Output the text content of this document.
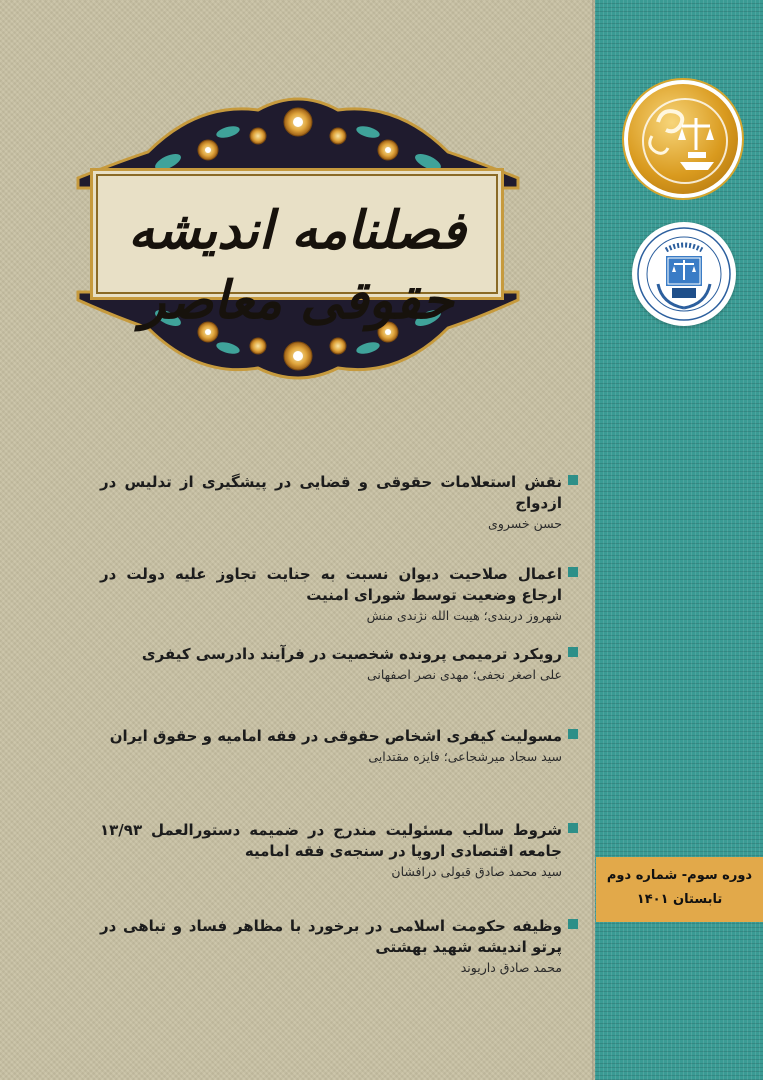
فصلنامه اندیشه حقوقی معاصر
نقش استعلامات حقوقی و قضایی در پیشگیری از تدلیس در ازدواج
حسن خسروی
اعمال صلاحیت دیوان نسبت به جنایت تجاوز علیه دولت در ارجاع وضعیت توسط شورای امنیت
شهروز دربندی؛ هیبت الله نژندی منش
رویکرد ترمیمی پرونده شخصیت در فرآیند دادرسی کیفری
علی اصغر نجفی؛ مهدی نصر اصفهانی
مسولیت کیفری اشخاص حقوقی در فقه امامیه و حقوق ایران
سید سجاد میرشجاعی؛ فایزه مقتدایی
شروط سالب مسئولیت مندرج در ضمیمه دستورالعمل ۱۳/۹۳ جامعه اقتصادی اروپا در سنجه‌ی فقه امامیه
سید محمد صادق قبولی درافشان
وظیفه حکومت اسلامی در برخورد با مظاهر فساد و تباهی در پرتو اندیشه شهید بهشتی
محمد صادق داریوند
دوره سوم- شماره دوم
تابستان ۱۴۰۱
